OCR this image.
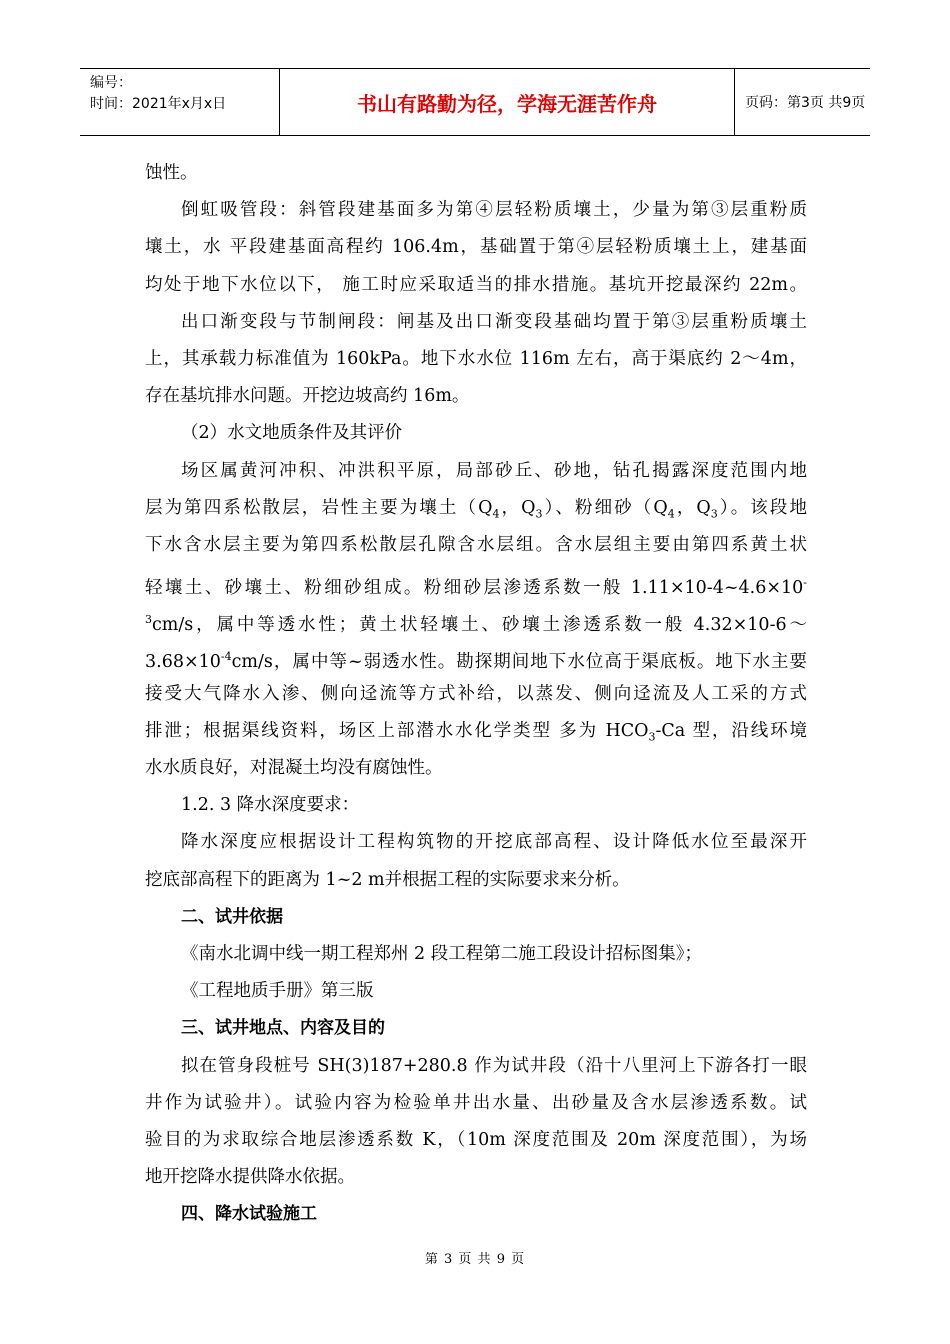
编号：
时间：2021年x月x日	书山有路勤为径，学海无涯苦作舟	页码：第3页 共9页
蚀性。
倒虹吸管段：斜管段建基面多为第④层轻粉质壤土，少量为第③层重粉质
壤土，水 平段建基面高程约 106.4m，基础置于第④层轻粉质壤土上，建基面
均处于地下水位以下， 施工时应采取适当的排水措施。基坑开挖最深约 22m。
出口渐变段与节制闸段：闸基及出口渐变段基础均置于第③层重粉质壤土
上，其承载力标准值为 160kPa。地下水水位 116m 左右，高于渠底约 2～4m，
存在基坑排水问题。开挖边坡高约 16m。
（2）水文地质条件及其评价
场区属黄河冲积、冲洪积平原，局部砂丘、砂地，钻孔揭露深度范围内地
层为第四系松散层，岩性主要为壤土（$Q_4$，$Q_3$）、粉细砂（$Q_4$，$Q_3$）。该段地
下水含水层主要为第四系松散层孔隙含水层组。含水层组主要由第四系黄土状
轻壤土、砂壤土、粉细砂组成。粉细砂层渗透系数一般 1.11×10-4~4.6×10-
$^3$cm/s，属中等透水性；黄土状轻壤土、砂壤土渗透系数一般 4.32×10-6～
$3.68\times 10^{-4}cm/s$，属中等~弱透水性。勘探期间地下水位高于渠底板。地下水主要
接受大气降水入渗、侧向迳流等方式补给，以蒸发、侧向迳流及人工采的方式
排泄；根据渠线资料，场区上部潜水水化学类型 多为 $HCO_3-Ca$ 型，沿线环境
水水质良好，对混凝土均没有腐蚀性。
1.2. 3 降水深度要求：
降水深度应根据设计工程构筑物的开挖底部高程、设计降低水位至最深开
挖底部高程下的距离为 1~2 m并根据工程的实际要求来分析。
二、试井依据
《南水北调中线一期工程郑州 2 段工程第二施工段设计招标图集》；
《工程地质手册》第三版
三、试井地点、内容及目的
拟在管身段桩号 SH(3)187+280.8 作为试井段（沿十八里河上下游各打一眼
井作为试验井）。试验内容为检验单井出水量、出砂量及含水层渗透系数。试
验目的为求取综合地层渗透系数 K，（10m 深度范围及 20m 深度范围），为场
地开挖降水提供降水依据。
四、降水试验施工
第 3 页 共 9 页
